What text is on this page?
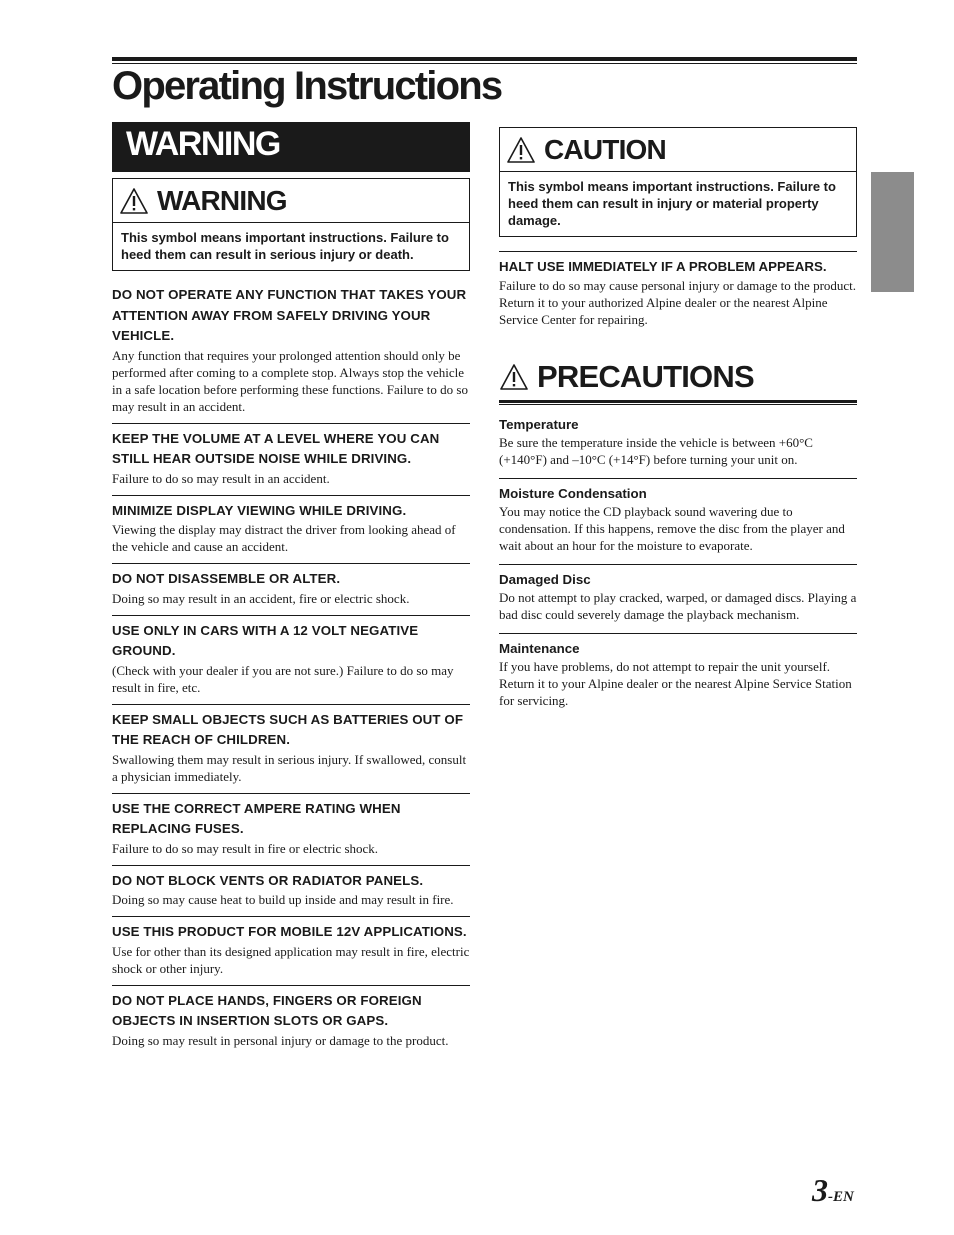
Operating Instructions
WARNING
WARNING
This symbol means important instructions. Failure to heed them can result in serious injury or death.
DO NOT OPERATE ANY FUNCTION THAT TAKES YOUR ATTENTION AWAY FROM SAFELY DRIVING YOUR VEHICLE.

Any function that requires your prolonged attention should only be performed after coming to a complete stop. Always stop the vehicle in a safe location before performing these functions. Failure to do so may result in an accident.

KEEP THE VOLUME AT A LEVEL WHERE YOU CAN STILL HEAR OUTSIDE NOISE WHILE DRIVING.

Failure to do so may result in an accident.

MINIMIZE DISPLAY VIEWING WHILE DRIVING.

Viewing the display may distract the driver from looking ahead of the vehicle and cause an accident.

DO NOT DISASSEMBLE OR ALTER.

Doing so may result in an accident, fire or electric shock.

USE ONLY IN CARS WITH A 12 VOLT NEGATIVE GROUND.

(Check with your dealer if you are not sure.) Failure to do so may result in fire, etc.

KEEP SMALL OBJECTS SUCH AS BATTERIES OUT OF THE REACH OF CHILDREN.

Swallowing them may result in serious injury. If swallowed, consult a physician immediately.

USE THE CORRECT AMPERE RATING WHEN REPLACING FUSES.

Failure to do so may result in fire or electric shock.

DO NOT BLOCK VENTS OR RADIATOR PANELS.

Doing so may cause heat to build up inside and may result in fire.

USE THIS PRODUCT FOR MOBILE 12V APPLICATIONS.

Use for other than its designed application may result in fire, electric shock or other injury.

DO NOT PLACE HANDS, FINGERS OR FOREIGN OBJECTS IN INSERTION SLOTS OR GAPS.

Doing so may result in personal injury or damage to the product.

CAUTION
This symbol means important instructions. Failure to heed them can result in injury or material property damage.
HALT USE IMMEDIATELY IF A PROBLEM APPEARS.

Failure to do so may cause personal injury or damage to the product. Return it to your authorized Alpine dealer or the nearest Alpine Service Center for repairing.

PRECAUTIONS
Temperature

Be sure the temperature inside the vehicle is between +60°C (+140°F) and –10°C (+14°F) before turning your unit on.

Moisture Condensation

You may notice the CD playback sound wavering due to condensation. If this happens, remove the disc from the player and wait about an hour for the moisture to evaporate.

Damaged Disc

Do not attempt to play cracked, warped, or damaged discs. Playing a bad disc could severely damage the playback mechanism.

Maintenance

If you have problems, do not attempt to repair the unit yourself. Return it to your Alpine dealer or the nearest Alpine Service Station for servicing.

3-EN
